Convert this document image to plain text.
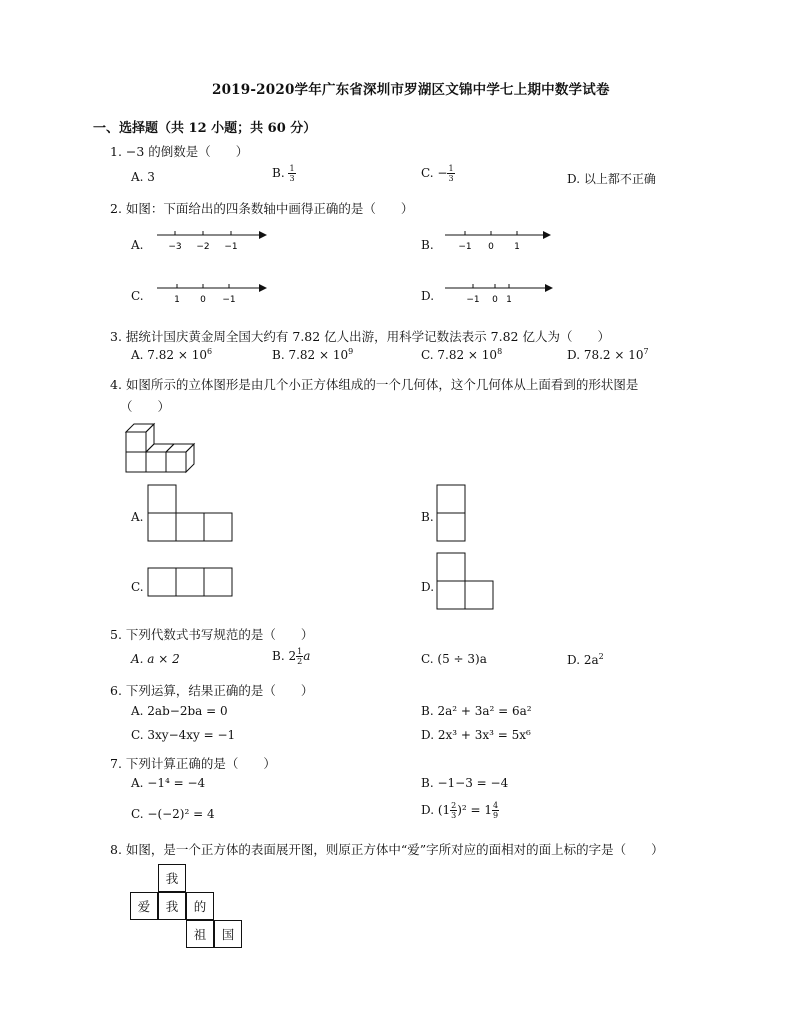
2019-2020学年广东省深圳市罗湖区文锦中学七上期中数学试卷
一、选择题（共 12 小题；共 60 分）
1. −3 的倒数是（　　）
A. 3	B. $\frac{1}{3}$	C. − $\frac{1}{3}$	D. 以上都不正确
2. 如图：下面给出的四条数轴中画得正确的是（　　）
A.	−3 −2 −1	B.	−1 0 1
C.	1 0 −1	D.	−1 0 1
3. 据统计国庆黄金周全国大约有 7.82 亿人出游，用科学记数法表示 7.82 亿人为（　　）
A. $7.82 \times 10^6$	B. $7.82 \times 10^9$	C. $7.82 \times 10^8$	D. $78.2 \times 10^7$
4. 如图所示的立体图形是由几个小正方体组成的一个几何体，这个几何体从上面看到的形状图是
（　　）
A.	B.
C.	D.
5. 下列代数式书写规范的是（　　）
A. a × 2	B. $2 \frac{1}{2}$ a	C. (5 ÷ 3)a	D. $2a^2$
6. 下列运算，结果正确的是（　　）
A. 2ab−2ba = 0	B. 2a² + 3a² = 6a²
C. 3xy−4xy = −1	D. 2x³ + 3x³ = 5x⁶
7. 下列计算正确的是（　　）
A. −1⁴ = −4	B. −1−3 = −4
C. −(−2)² = 4	D. $(1 \frac{2}{3} )^2 = 1 \frac{4}{9}$
8. 如图，是一个正方体的表面展开图，则原正方体中“爱”字所对应的面相对的面上标的字是（　　）
我
爱	我	的
祖	国
